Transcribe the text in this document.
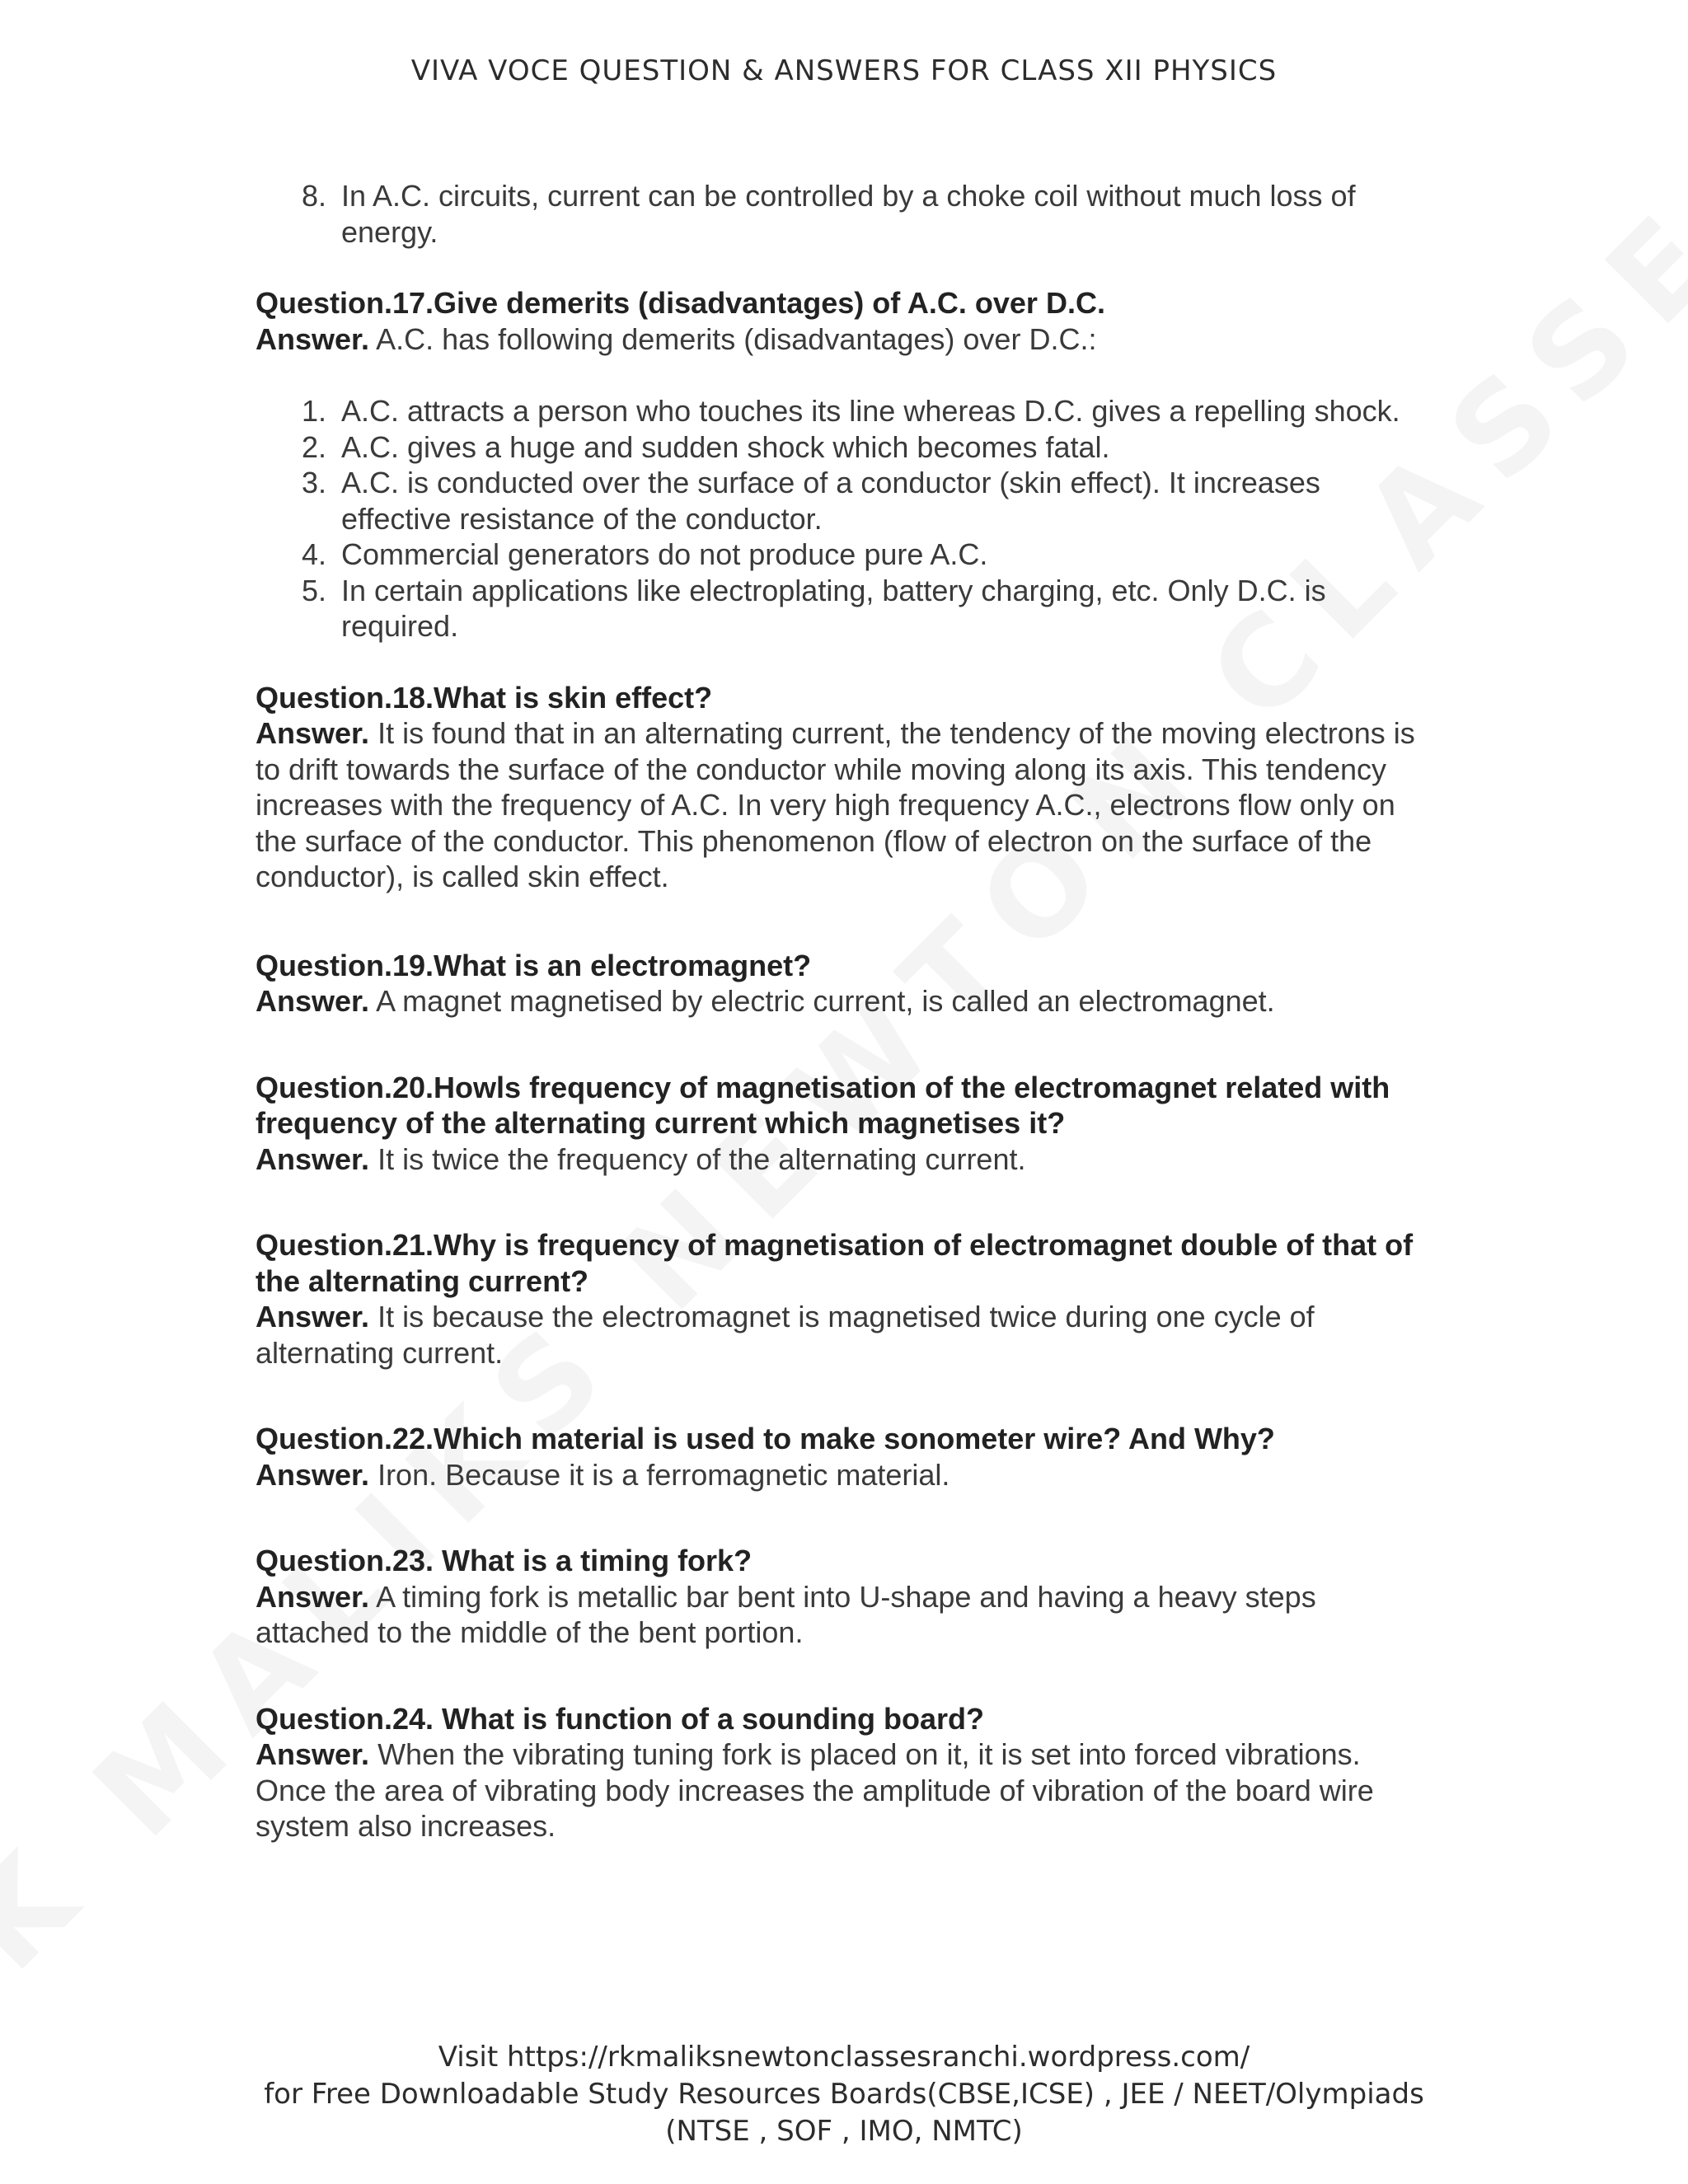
VIVA VOCE QUESTION & ANSWERS FOR CLASS XII PHYSICS
8. In A.C. circuits, current can be controlled by a choke coil without much loss of energy.
Question.17.Give demerits (disadvantages) of A.C. over D.C.
Answer. A.C. has following demerits (disadvantages) over D.C.:
1. A.C. attracts a person who touches its line whereas D.C. gives a repelling shock.
2. A.C. gives a huge and sudden shock which becomes fatal.
3. A.C. is conducted over the surface of a conductor (skin effect). It increases effective resistance of the conductor.
4. Commercial generators do not produce pure A.C.
5. In certain applications like electroplating, battery charging, etc. Only D.C. is required.
Question.18.What is skin effect?
Answer. It is found that in an alternating current, the tendency of the moving electrons is to drift towards the surface of the conductor while moving along its axis. This tendency increases with the frequency of A.C. In very high frequency A.C., electrons flow only on the surface of the conductor. This phenomenon (flow of electron on the surface of the conductor), is called skin effect.
Question.19.What is an electromagnet?
Answer. A magnet magnetised by electric current, is called an electromagnet.
Question.20.Howls frequency of magnetisation of the electromagnet related with frequency of the alternating current which magnetises it?
Answer. It is twice the frequency of the alternating current.
Question.21.Why is frequency of magnetisation of electromagnet double of that of the alternating current?
Answer. It is because the electromagnet is magnetised twice during one cycle of alternating current.
Question.22.Which material is used to make sonometer wire? And Why?
Answer. Iron. Because it is a ferromagnetic material.
Question.23. What is a timing fork?
Answer. A timing fork is metallic bar bent into U-shape and having a heavy steps attached to the middle of the bent portion.
Question.24. What is function of a sounding board?
Answer. When the vibrating tuning fork is placed on it, it is set into forced vibrations. Once the area of vibrating body increases the amplitude of vibration of the board wire system also increases.
Visit https://rkmaliksnewtonclassesranchi.wordpress.com/
for Free Downloadable Study Resources Boards(CBSE,ICSE) , JEE / NEET/Olympiads
(NTSE , SOF , IMO, NMTC)
